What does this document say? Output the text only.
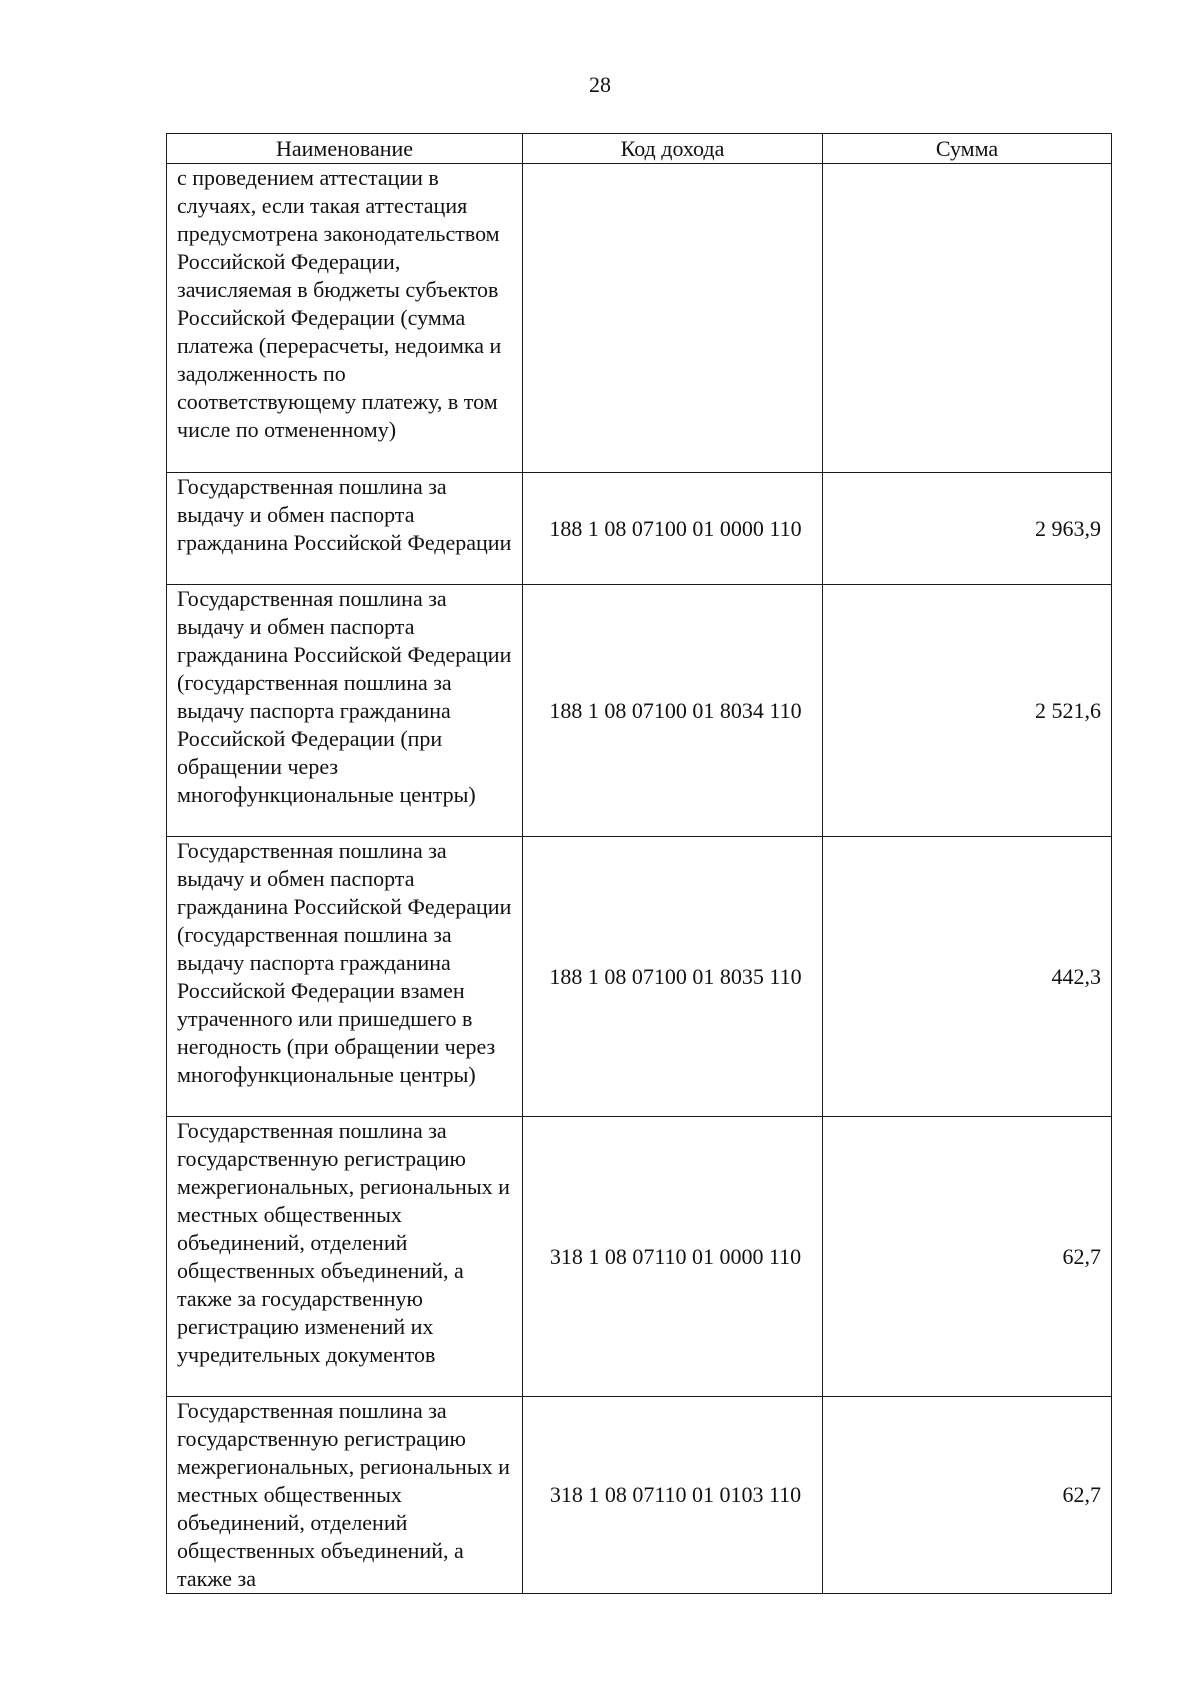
28
Наименование	Код дохода	Сумма
с проведением аттестации в случаях, если такая аттестация предусмотрена законодательством Российской Федерации, зачисляемая в бюджеты субъектов Российской Федерации (сумма платежа (перерасчеты, недоимка и задолженность по соответствующему платежу, в том числе по отмененному)		
Государственная пошлина за выдачу и обмен паспорта гражданина Российской Федерации	188 1 08 07100 01 0000 110	2 963,9
Государственная пошлина за выдачу и обмен паспорта гражданина Российской Федерации (государственная пошлина за выдачу паспорта гражданина Российской Федерации (при обращении через многофункциональные центры)	188 1 08 07100 01 8034 110	2 521,6
Государственная пошлина за выдачу и обмен паспорта гражданина Российской Федерации (государственная пошлина за выдачу паспорта гражданина Российской Федерации взамен утраченного или пришедшего в негодность (при обращении через многофункциональные центры)	188 1 08 07100 01 8035 110	442,3
Государственная пошлина за государственную регистрацию межрегиональных, региональных и местных общественных объединений, отделений общественных объединений, а также за государственную регистрацию изменений их учредительных документов	318 1 08 07110 01 0000 110	62,7
Государственная пошлина за государственную регистрацию межрегиональных, региональных и местных общественных объединений, отделений общественных объединений, а также за	318 1 08 07110 01 0103 110	62,7
